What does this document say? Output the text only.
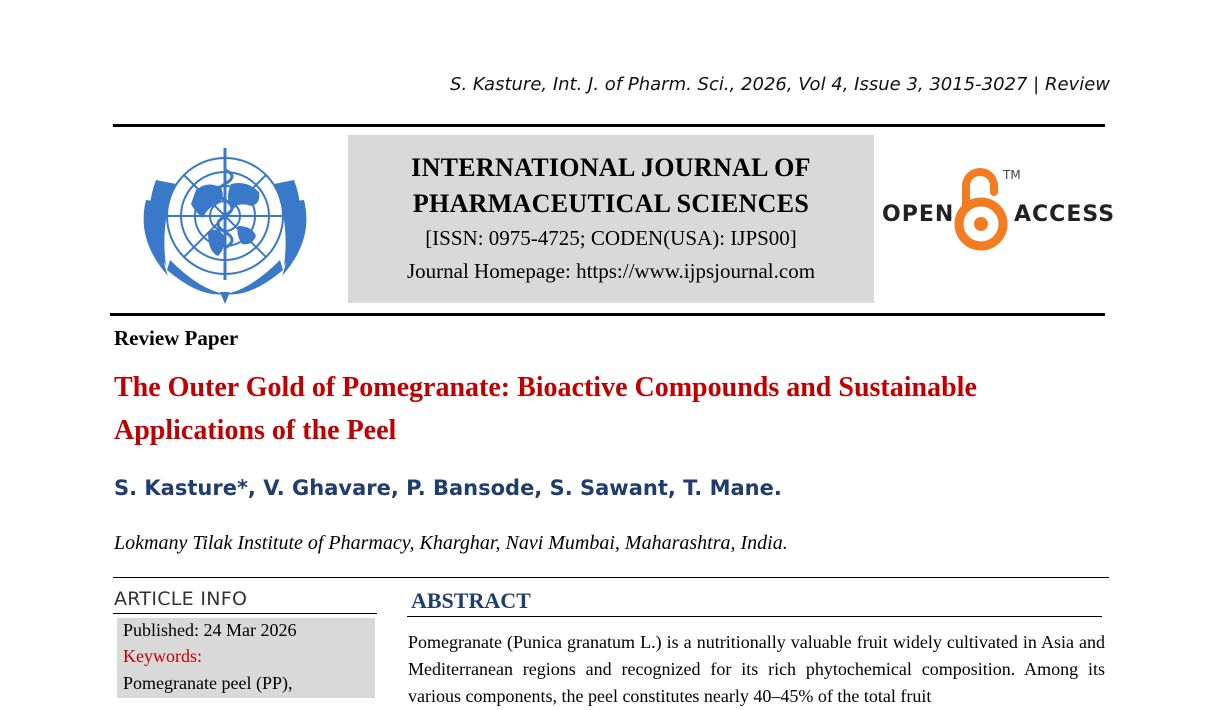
S. Kasture, Int. J. of Pharm. Sci., 2026, Vol 4, Issue 3, 3015-3027 | Review
INTERNATIONAL JOURNAL OF
PHARMACEUTICAL SCIENCES
[ISSN: 0975-4725; CODEN(USA): IJPS00]
Journal Homepage: https://www.ijpsjournal.com
OPEN
TM
ACCESS
Review Paper
The Outer Gold of Pomegranate: Bioactive Compounds and Sustainable Applications of the Peel
S. Kasture*, V. Ghavare, P. Bansode, S. Sawant, T. Mane.
Lokmany Tilak Institute of Pharmacy, Kharghar, Navi Mumbai, Maharashtra, India.
ARTICLE INFO
Published: 24 Mar 2026
Keywords:
Pomegranate peel (PP),
ABSTRACT
Pomegranate (Punica granatum L.) is a nutritionally valuable fruit widely cultivated in Asia and Mediterranean regions and recognized for its rich phytochemical composition. Among its various components, the peel constitutes nearly 40–45% of the total fruit
